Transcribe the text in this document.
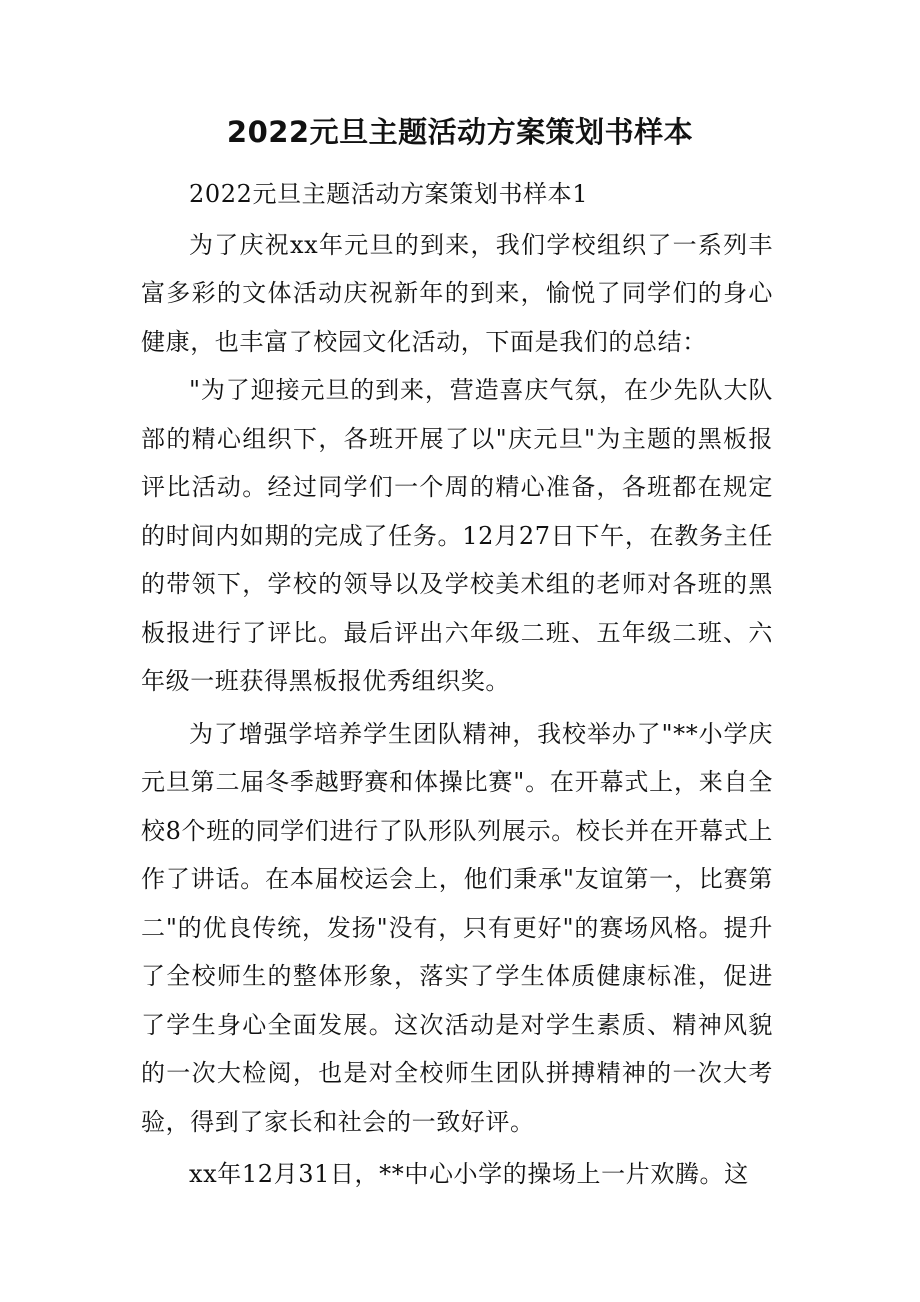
2022元旦主题活动方案策划书样本

2022元旦主题活动方案策划书样本1

为了庆祝xx年元旦的到来，我们学校组织了一系列丰富多彩的文体活动庆祝新年的到来，愉悦了同学们的身心健康，也丰富了校园文化活动，下面是我们的总结：

"为了迎接元旦的到来，营造喜庆气氛，在少先队大队部的精心组织下，各班开展了以"庆元旦"为主题的黑板报评比活动。经过同学们一个周的精心准备，各班都在规定的时间内如期的完成了任务。12月27日下午，在教务主任的带领下，学校的领导以及学校美术组的老师对各班的黑板报进行了评比。最后评出六年级二班、五年级二班、六年级一班获得黑板报优秀组织奖。

为了增强学培养学生团队精神，我校举办了"**小学庆元旦第二届冬季越野赛和体操比赛"。在开幕式上，来自全校8个班的同学们进行了队形队列展示。校长并在开幕式上作了讲话。在本届校运会上，他们秉承"友谊第一，比赛第二"的优良传统，发扬"没有，只有更好"的赛场风格。提升了全校师生的整体形象，落实了学生体质健康标准，促进了学生身心全面发展。这次活动是对学生素质、精神风貌的一次大检阅，也是对全校师生团队拼搏精神的一次大考验，得到了家长和社会的一致好评。

xx年12月31日，**中心小学的操场上一片欢腾。这
